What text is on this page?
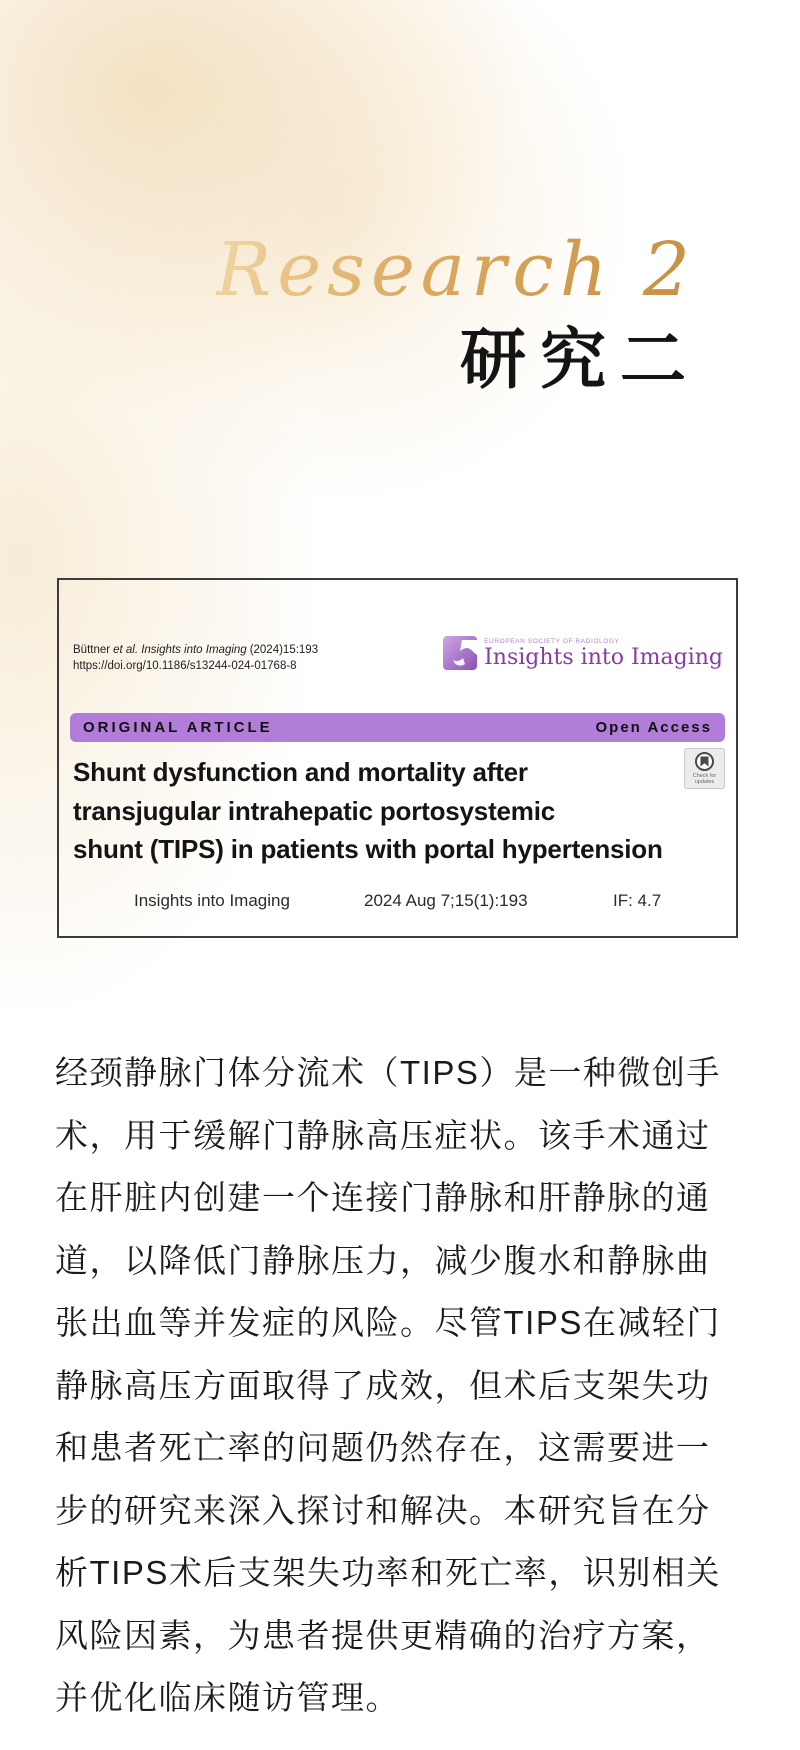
Research 2
研究二
Büttner et al. Insights into Imaging (2024)15:193
https://doi.org/10.1186/s13244-024-01768-8
EUROPEAN SOCIETY OF RADIOLOGY
Insights into Imaging
ORIGINAL ARTICLE	Open Access
Shunt dysfunction and mortality after
transjugular intrahepatic portosystemic
shunt (TIPS) in patients with portal hypertension
Check for
updates
Insights into Imaging	2024 Aug 7;15(1):193	IF: 4.7
经颈静脉门体分流术（TIPS）是一种微创手
术，用于缓解门静脉高压症状。该手术通过
在肝脏内创建一个连接门静脉和肝静脉的通
道，以降低门静脉压力，减少腹水和静脉曲
张出血等并发症的风险。尽管TIPS在减轻门
静脉高压方面取得了成效，但术后支架失功
和患者死亡率的问题仍然存在，这需要进一
步的研究来深入探讨和解决。本研究旨在分
析TIPS术后支架失功率和死亡率，识别相关
风险因素，为患者提供更精确的治疗方案，
并优化临床随访管理。
